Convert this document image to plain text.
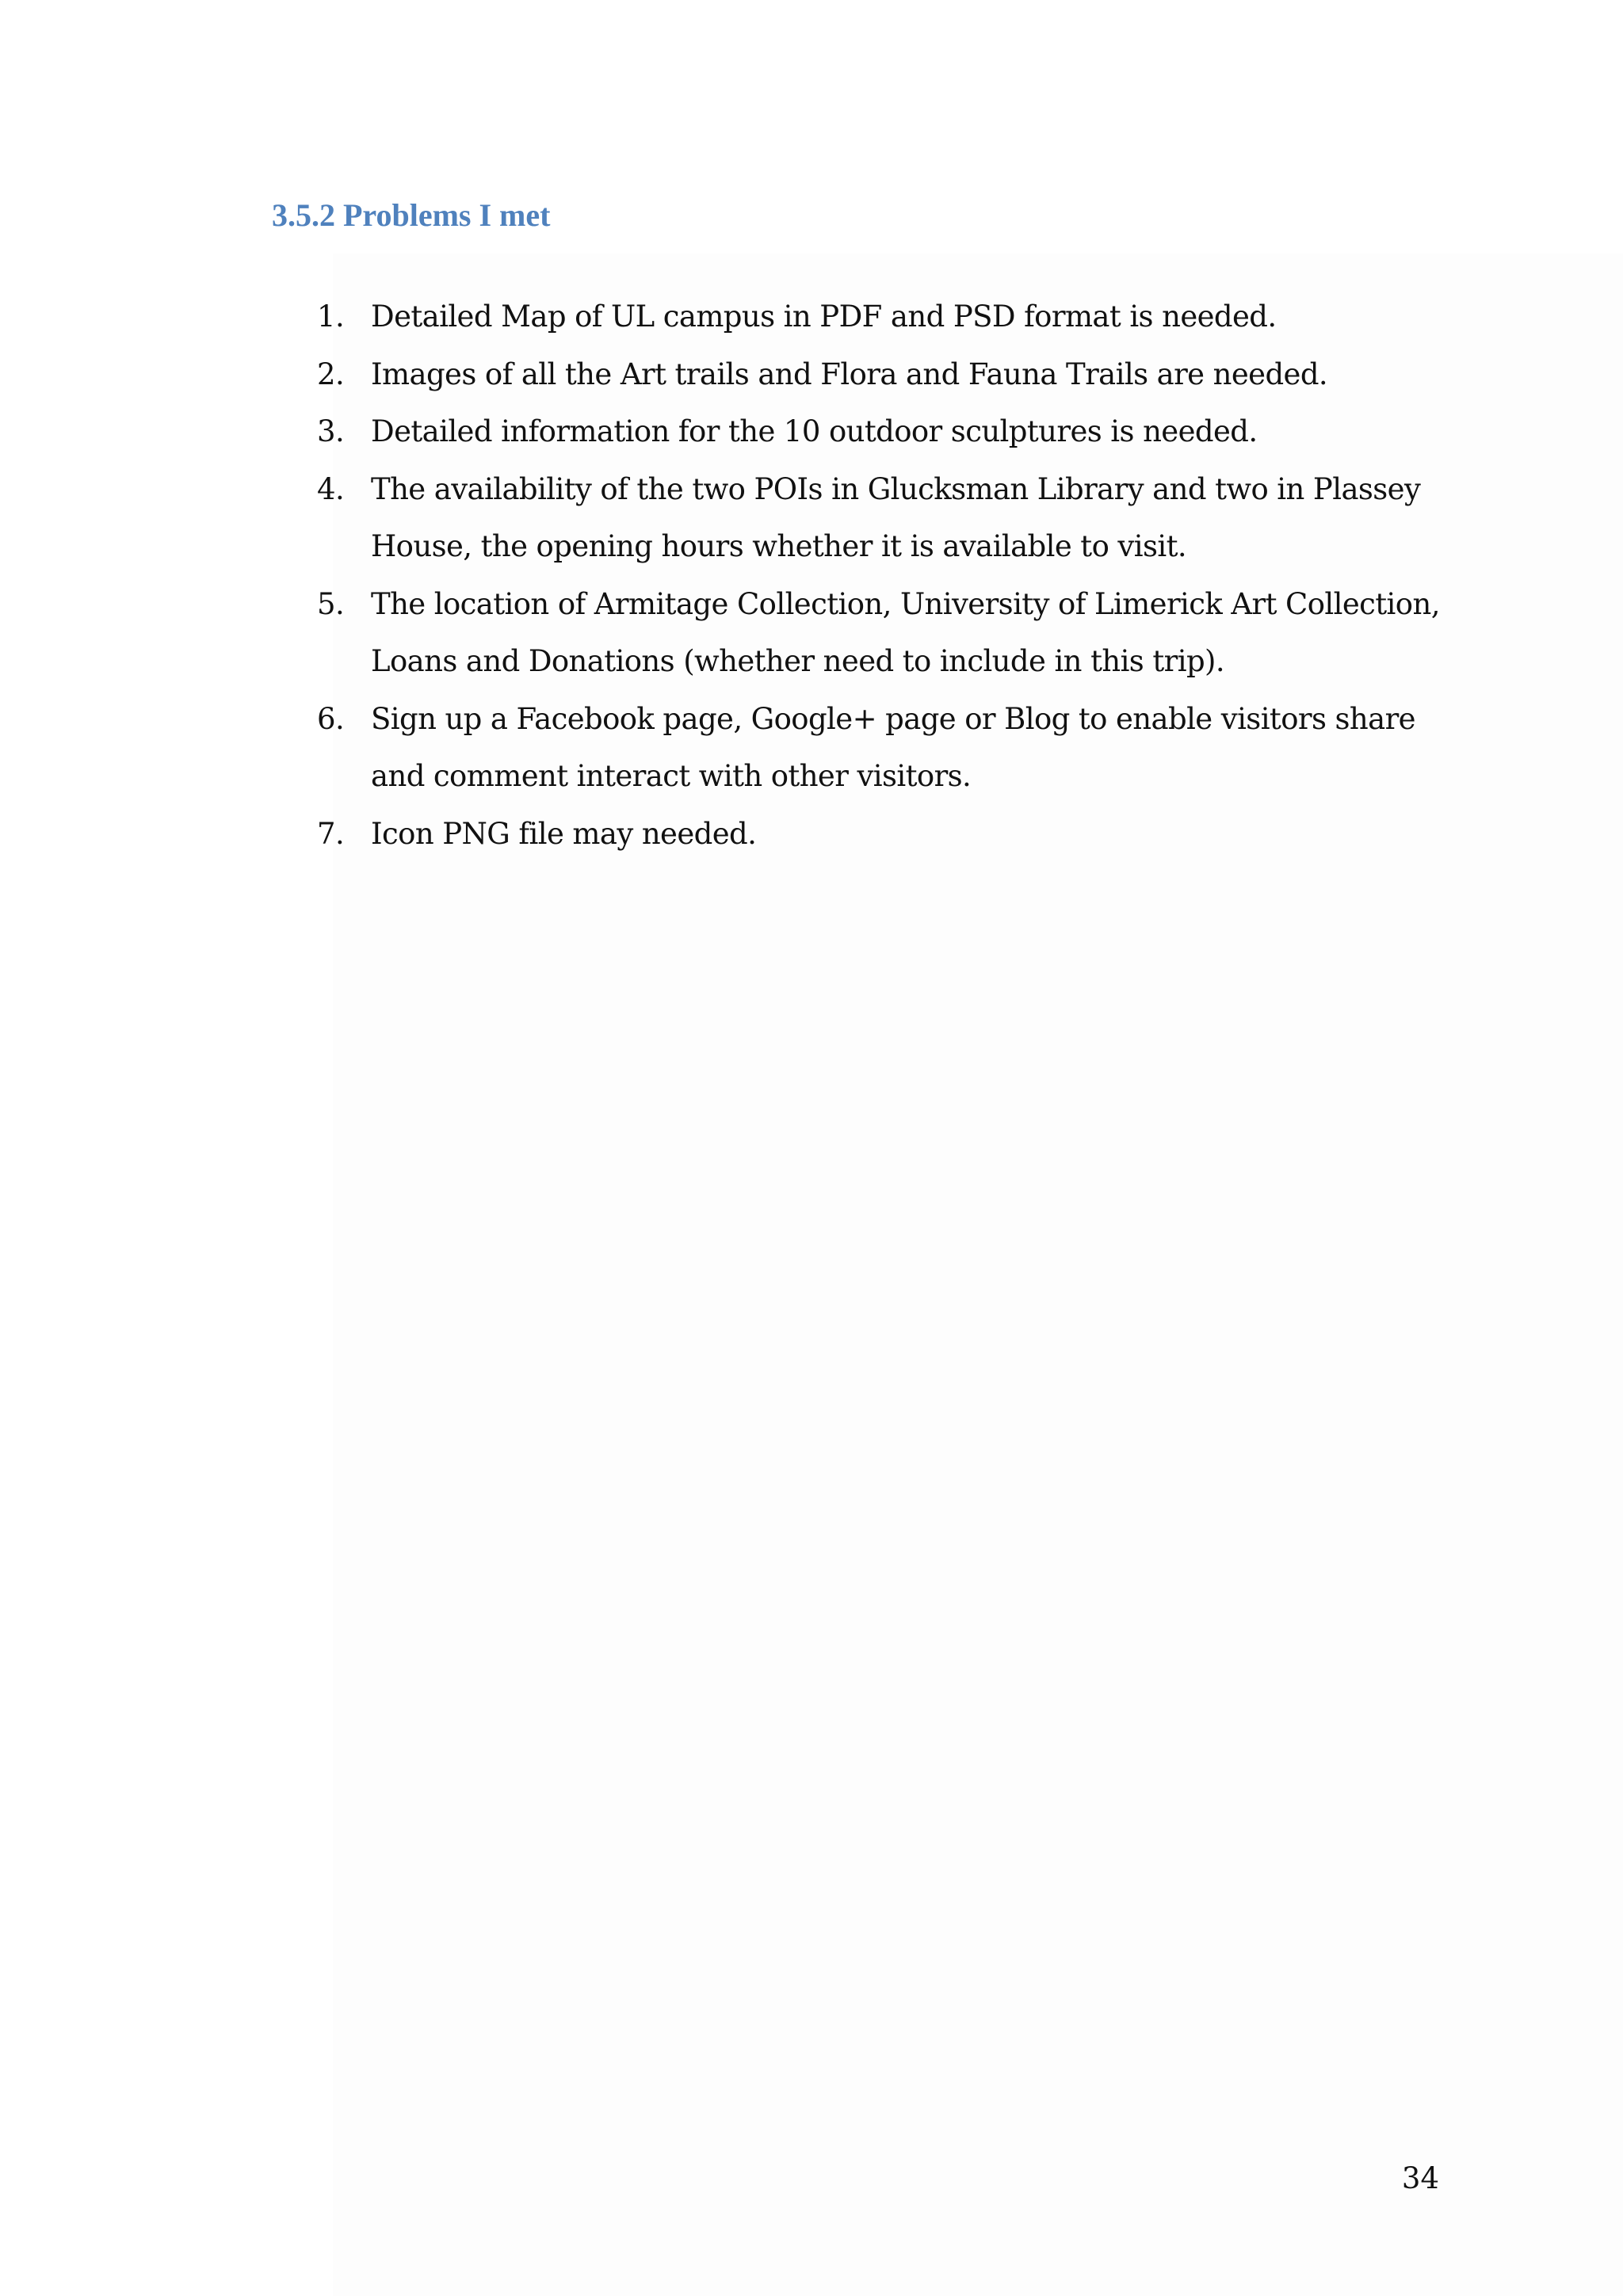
3.5.2 Problems I met
1. Detailed Map of UL campus in PDF and PSD format is needed.
2. Images of all the Art trails and Flora and Fauna Trails are needed.
3. Detailed information for the 10 outdoor sculptures is needed.
4. The availability of the two POIs in Glucksman Library and two in Plassey House, the opening hours whether it is available to visit.
5. The location of Armitage Collection, University of Limerick Art Collection, Loans and Donations (whether need to include in this trip).
6. Sign up a Facebook page, Google+ page or Blog to enable visitors share and comment interact with other visitors.
7. Icon PNG file may needed.
34
